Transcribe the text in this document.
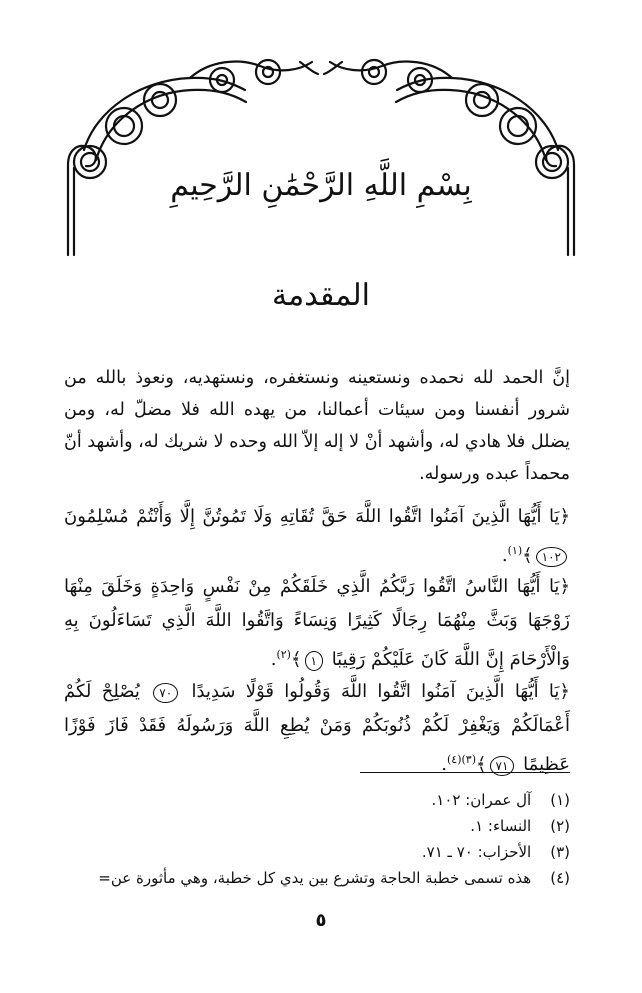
بِسْمِ اللَّهِ الرَّحْمَٰنِ الرَّحِيمِ
المقدمة

إنَّ الحمد لله نحمده ونستعينه ونستغفره، ونستهديه، ونعوذ بالله من شرور أنفسنا ومن سيئات أعمالنا، من يهده الله فلا مضلّ له، ومن يضلل فلا هادي له، وأشهد أنْ لا إله إلاّ الله وحده لا شريك له، وأشهد أنّ محمداً عبده ورسوله.

﴿يَا أَيُّهَا الَّذِينَ آمَنُوا اتَّقُوا اللَّهَ حَقَّ تُقَاتِهِ وَلَا تَمُوتُنَّ إِلَّا وَأَنْتُمْ مُسْلِمُونَ ١٠٢﴾$^{(١)}$.
﴿يَا أَيُّهَا النَّاسُ اتَّقُوا رَبَّكُمُ الَّذِي خَلَقَكُمْ مِنْ نَفْسٍ وَاحِدَةٍ وَخَلَقَ مِنْهَا زَوْجَهَا وَبَثَّ مِنْهُمَا رِجَالًا كَثِيرًا وَنِسَاءً وَاتَّقُوا اللَّهَ الَّذِي تَسَاءَلُونَ بِهِ وَالْأَرْحَامَ إِنَّ اللَّهَ كَانَ عَلَيْكُمْ رَقِيبًا ١﴾$^{(٢)}$.
﴿يَا أَيُّهَا الَّذِينَ آمَنُوا اتَّقُوا اللَّهَ وَقُولُوا قَوْلًا سَدِيدًا ٧٠ يُصْلِحْ لَكُمْ أَعْمَالَكُمْ وَيَغْفِرْ لَكُمْ ذُنُوبَكُمْ وَمَنْ يُطِعِ اللَّهَ وَرَسُولَهُ فَقَدْ فَازَ فَوْزًا عَظِيمًا ٧١﴾$^{(٣)(٤)}$.
(١) آل عمران: ١٠٢.
(٢) النساء: ١.
(٣) الأحزاب: ٧٠ ـ ٧١.
(٤) هذه تسمى خطبة الحاجة وتشرع بين يدي كل خطبة، وهي مأثورة عن=
٥
